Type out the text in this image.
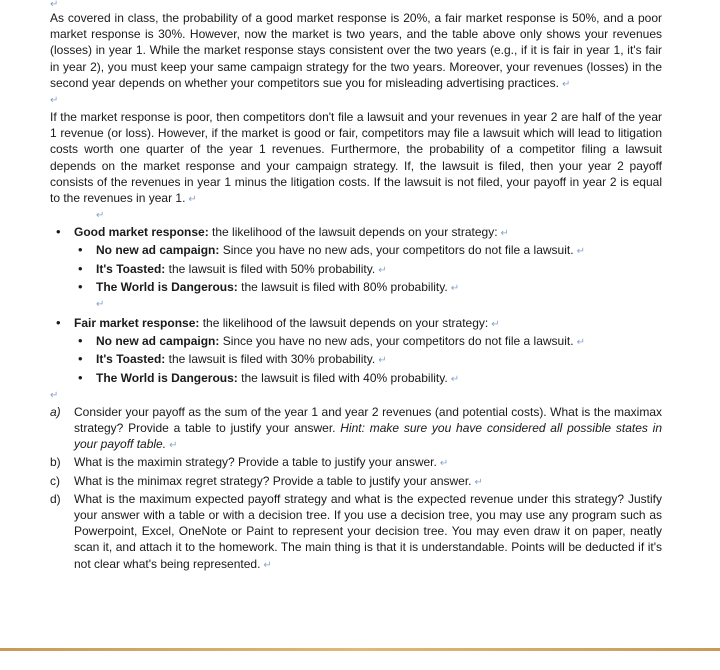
↵

As covered in class, the probability of a good market response is 20%, a fair market response is 50%, and a poor market response is 30%. However, now the market is two years, and the table above only shows your revenues (losses) in year 1. While the market response stays consistent over the two years (e.g., if it is fair in year 1, it's fair in year 2), you must keep your same campaign strategy for the two years. Moreover, your revenues (losses) in the second year depends on whether your competitors sue you for misleading advertising practices. ↵

↵

If the market response is poor, then competitors don't file a lawsuit and your revenues in year 2 are half of the year 1 revenue (or loss). However, if the market is good or fair, competitors may file a lawsuit which will lead to litigation costs worth one quarter of the year 1 revenues. Furthermore, the probability of a competitor filing a lawsuit depends on the market response and your campaign strategy. If, the lawsuit is filed, then your year 2 payoff consists of the revenues in year 1 minus the litigation costs. If the lawsuit is not filed, your payoff in year 2 is equal to the revenues in year 1. ↵

↵
• Good market response: the likelihood of the lawsuit depends on your strategy: ↵
• No new ad campaign: Since you have no new ads, your competitors do not file a lawsuit. ↵
• It's Toasted: the lawsuit is filed with 50% probability. ↵
• The World is Dangerous: the lawsuit is filed with 80% probability. ↵
↵
• Fair market response: the likelihood of the lawsuit depends on your strategy: ↵
• No new ad campaign: Since you have no new ads, your competitors do not file a lawsuit. ↵
• It's Toasted: the lawsuit is filed with 30% probability. ↵
• The World is Dangerous: the lawsuit is filed with 40% probability. ↵
↵
a) Consider your payoff as the sum of the year 1 and year 2 revenues (and potential costs). What is the maximax strategy? Provide a table to justify your answer. Hint: make sure you have considered all possible states in your payoff table. ↵
b) What is the maximin strategy? Provide a table to justify your answer. ↵
c) What is the minimax regret strategy? Provide a table to justify your answer. ↵
d) What is the maximum expected payoff strategy and what is the expected revenue under this strategy? Justify your answer with a table or with a decision tree. If you use a decision tree, you may use any program such as Powerpoint, Excel, OneNote or Paint to represent your decision tree. You may even draw it on paper, neatly scan it, and attach it to the homework. The main thing is that it is understandable. Points will be deducted if it's not clear what's being represented. ↵
